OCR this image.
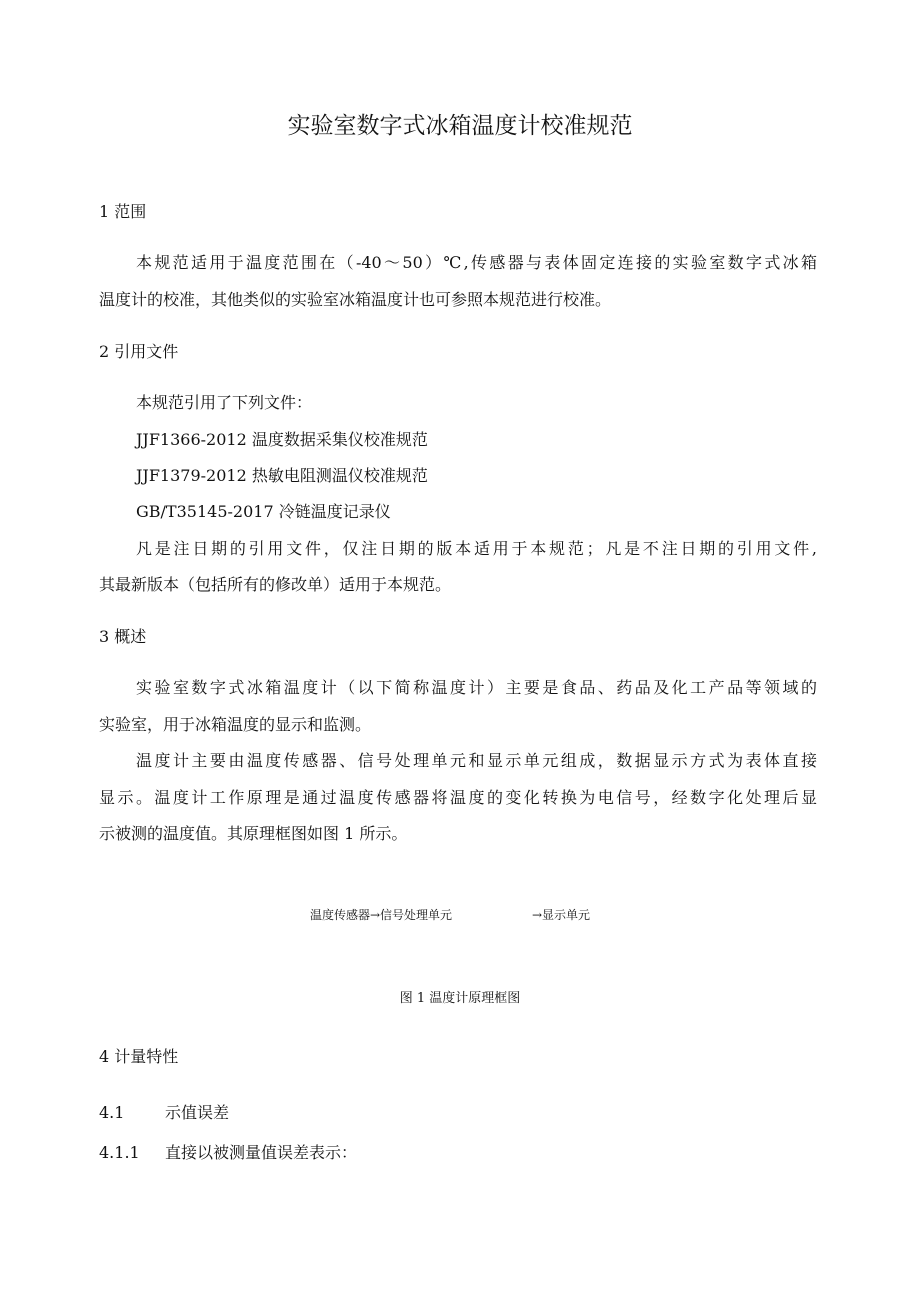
实验室数字式冰箱温度计校准规范
1 范围
本规范适用于温度范围在（-40～50）℃,传感器与表体固定连接的实验室数字式冰箱
温度计的校准，其他类似的实验室冰箱温度计也可参照本规范进行校准。
2 引用文件
本规范引用了下列文件：
JJF1366-2012 温度数据采集仪校准规范
JJF1379-2012 热敏电阻测温仪校准规范
GB/T35145-2017 冷链温度记录仪
凡是注日期的引用文件，仅注日期的版本适用于本规范；凡是不注日期的引用文件,
其最新版本（包括所有的修改单）适用于本规范。
3 概述
实验室数字式冰箱温度计（以下简称温度计）主要是食品、药品及化工产品等领域的
实验室，用于冰箱温度的显示和监测。
温度计主要由温度传感器、信号处理单元和显示单元组成，数据显示方式为表体直接
显示。温度计工作原理是通过温度传感器将温度的变化转换为电信号，经数字化处理后显
示被测的温度值。其原理框图如图 1 所示。
温度传感器→信号处理单元	→显示单元
图 1 温度计原理框图
4 计量特性
4.1	示值误差
4.1.1 直接以被测量值误差表示：
